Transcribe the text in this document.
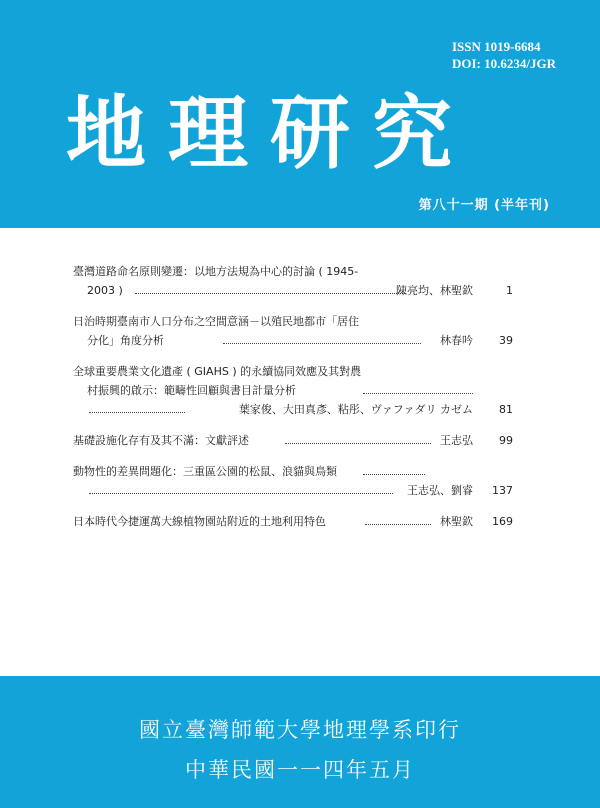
ISSN 1019-6684
DOI: 10.6234/JGR
地理研究
第八十一期 (半年刊)
臺灣道路命名原則變遷：以地方法規為中心的討論 ( 1945-
2003 )	陳亮均、林聖欽	1
日治時期臺南市人口分布之空間意涵－以殖民地都市「居住
分化」角度分析	林春吟	39
全球重要農業文化遺產 ( GIAHS ) 的永續協同效應及其對農
村振興的啟示：範疇性回顧與書目計量分析
葉家俊、大田真彥、粘彤、ヴァファダリ カゼム	81
基礎設施化存有及其不滿：文獻評述	王志弘	99
動物性的差異問題化：三重區公園的松鼠、浪貓與鳥類
王志弘、劉睿	137
日本時代今捷運萬大線植物園站附近的土地利用特色	林聖欽	169
國立臺灣師範大學地理學系印行
中華民國一一四年五月
